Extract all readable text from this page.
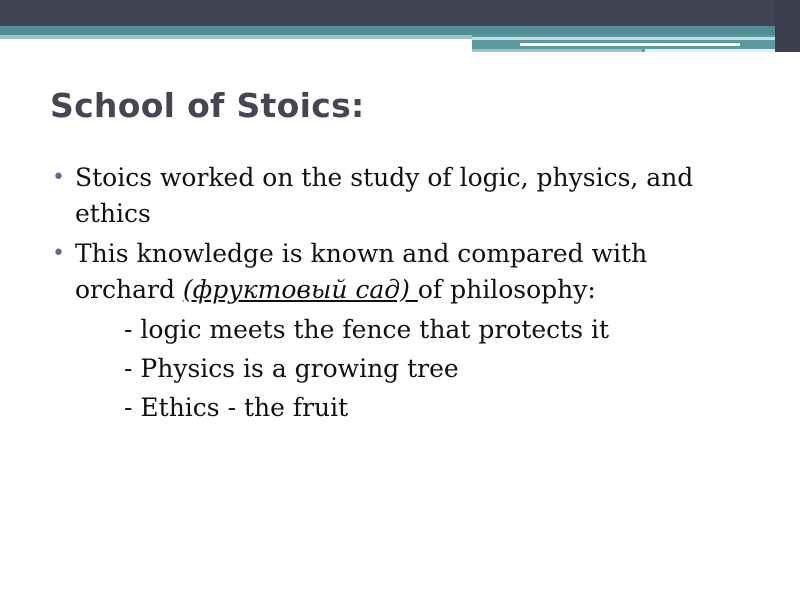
School of Stoics:
• Stoics worked on the study of logic, physics, and ethics
• This knowledge is known and compared with orchard (фруктовый сад) of philosophy:
- logic meets the fence that protects it
- Physics is a growing tree
- Ethics - the fruit
